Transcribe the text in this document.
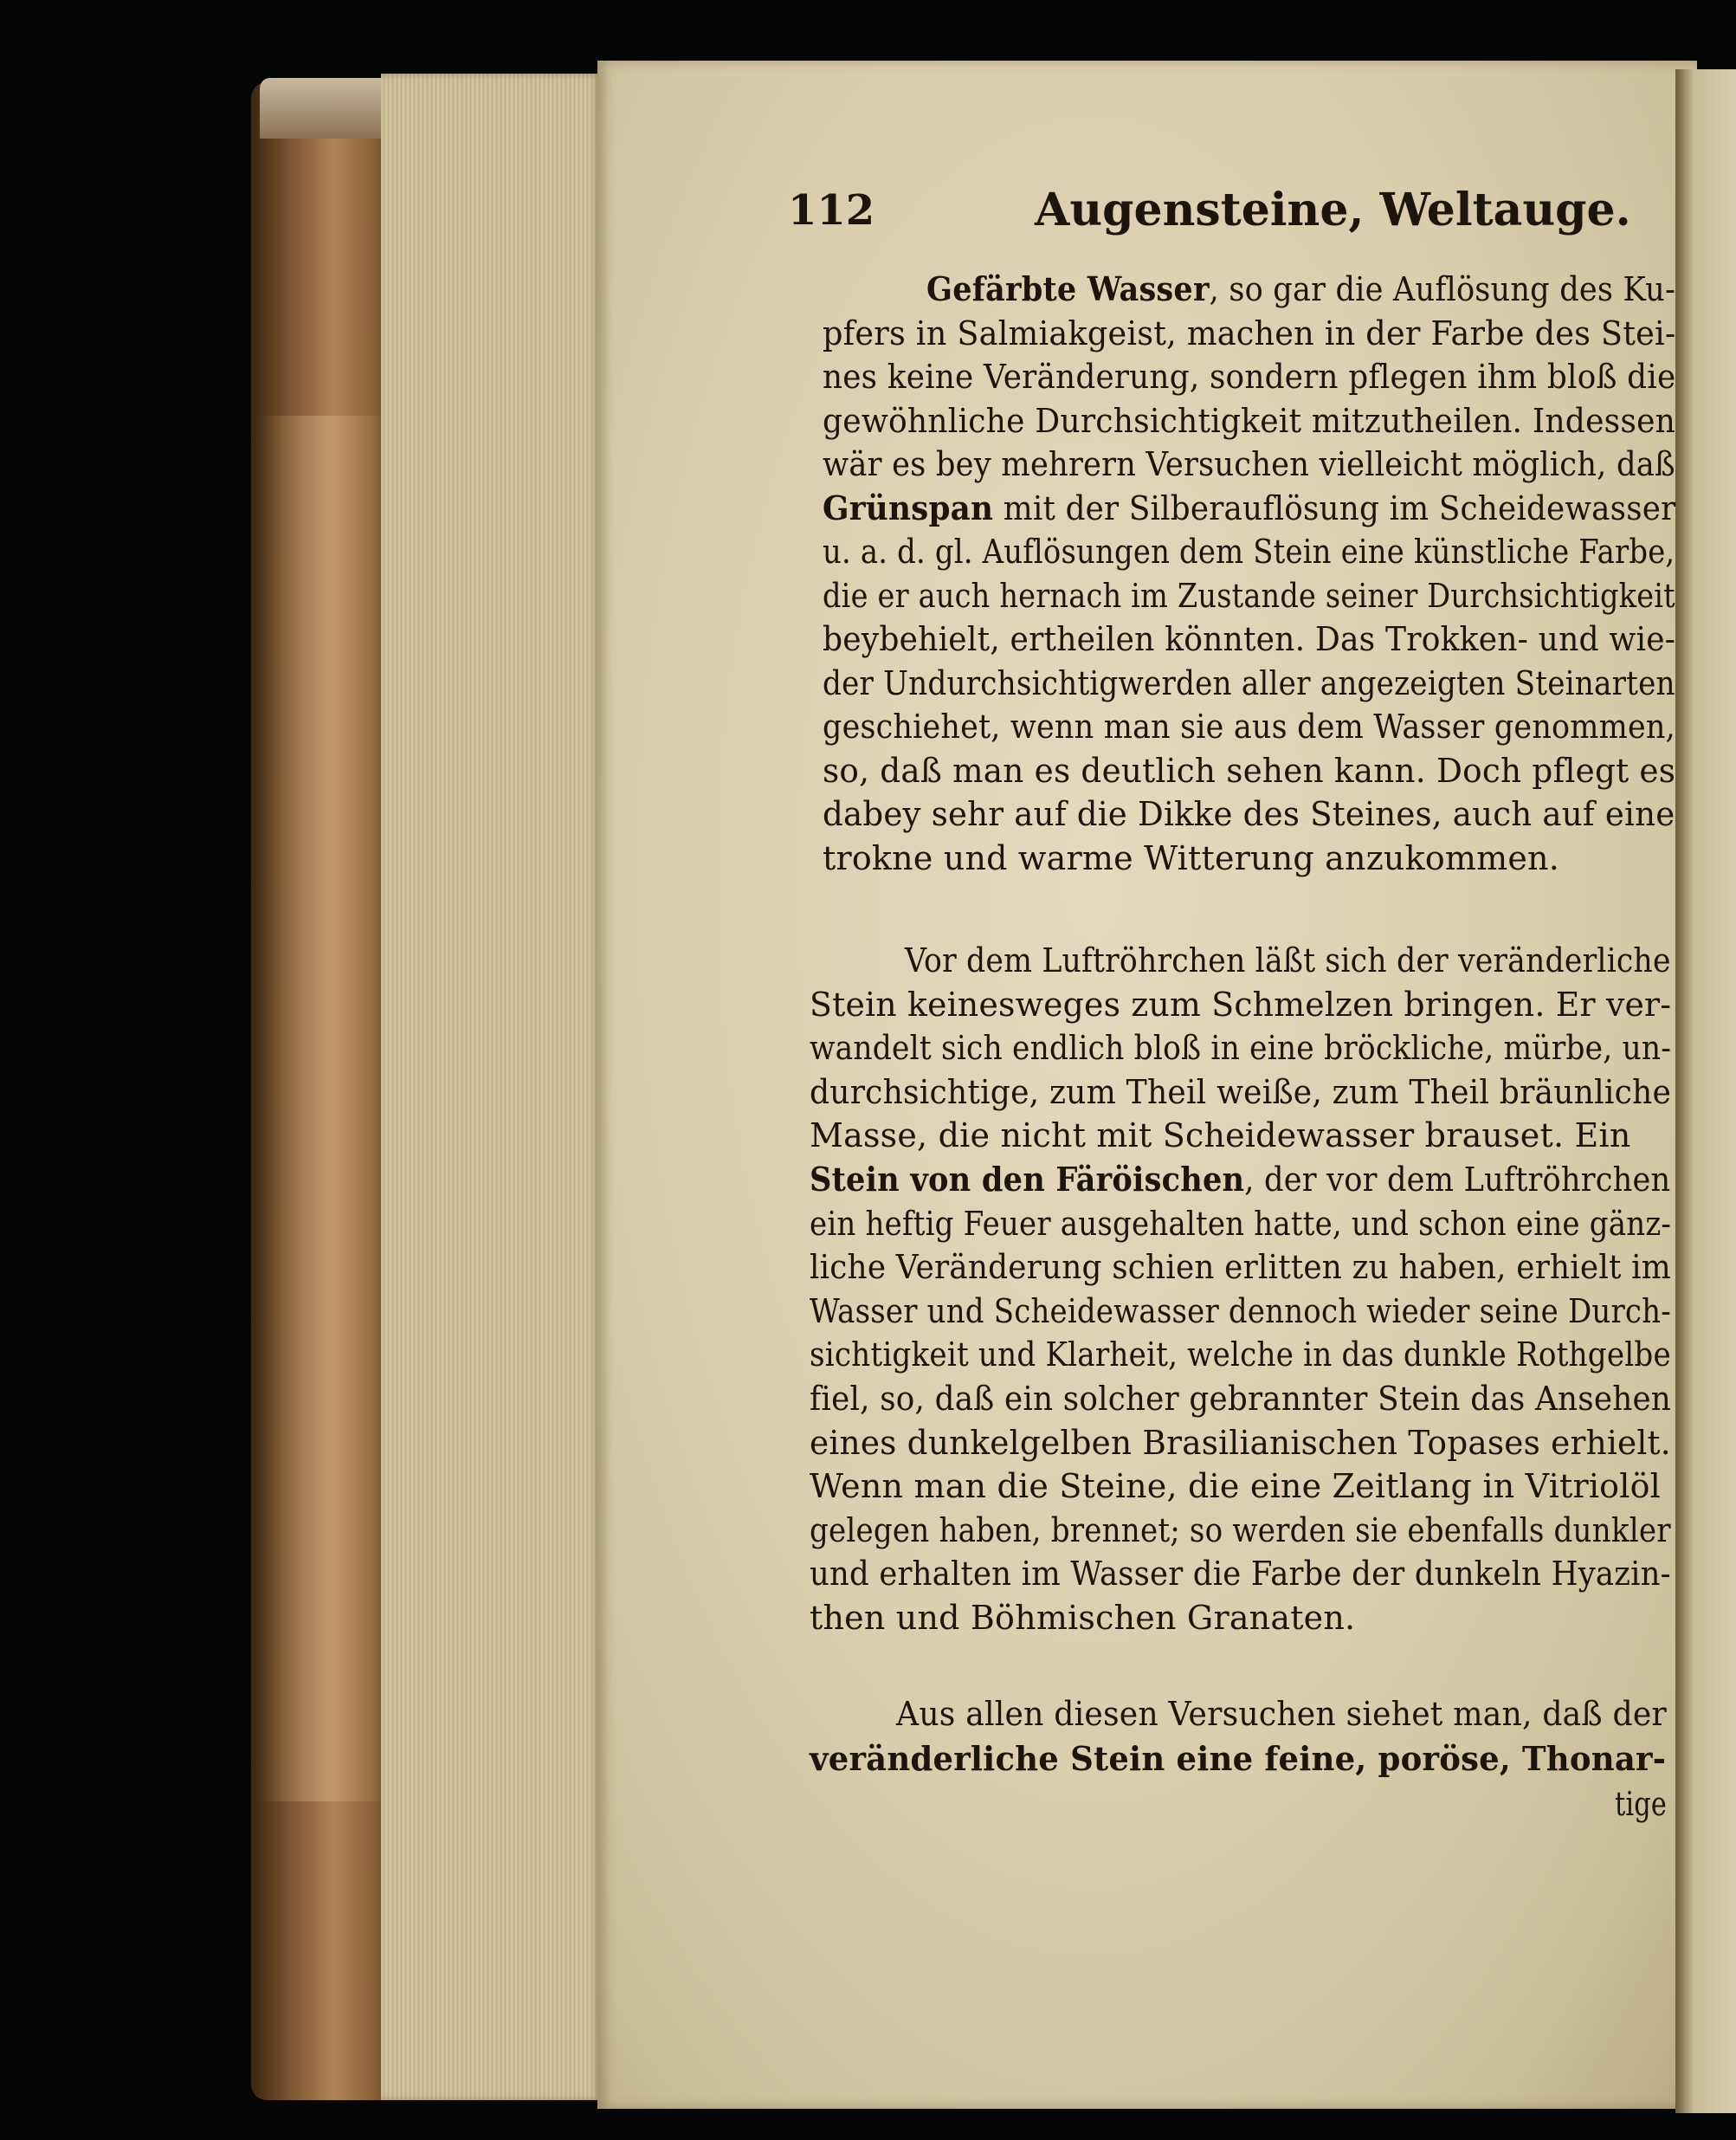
112	Augensteine, Weltauge.
Gefärbte Wasser, so gar die Auflösung des Ku-
pfers in Salmiakgeist, machen in der Farbe des Stei-
nes keine Veränderung, sondern pflegen ihm bloß die
gewöhnliche Durchsichtigkeit mitzutheilen. Indessen
wär es bey mehrern Versuchen vielleicht möglich, daß
Grünspan mit der Silberauflösung im Scheidewasser
u. a. d. gl. Auflösungen dem Stein eine künstliche Farbe,
die er auch hernach im Zustande seiner Durchsichtigkeit
beybehielt, ertheilen könnten. Das Trokken- und wie-
der Undurchsichtigwerden aller angezeigten Steinarten
geschiehet, wenn man sie aus dem Wasser genommen,
so, daß man es deutlich sehen kann. Doch pflegt es
dabey sehr auf die Dikke des Steines, auch auf eine
trokne und warme Witterung anzukommen.
Vor dem Luftröhrchen läßt sich der veränderliche
Stein keinesweges zum Schmelzen bringen. Er ver-
wandelt sich endlich bloß in eine bröckliche, mürbe, un-
durchsichtige, zum Theil weiße, zum Theil bräunliche
Masse, die nicht mit Scheidewasser brauset. Ein
Stein von den Färöischen, der vor dem Luftröhrchen
ein heftig Feuer ausgehalten hatte, und schon eine gänz-
liche Veränderung schien erlitten zu haben, erhielt im
Wasser und Scheidewasser dennoch wieder seine Durch-
sichtigkeit und Klarheit, welche in das dunkle Rothgelbe
fiel, so, daß ein solcher gebrannter Stein das Ansehen
eines dunkelgelben Brasilianischen Topases erhielt.
Wenn man die Steine, die eine Zeitlang in Vitriolöl
gelegen haben, brennet; so werden sie ebenfalls dunkler
und erhalten im Wasser die Farbe der dunkeln Hyazin-
then und Böhmischen Granaten.
Aus allen diesen Versuchen siehet man, daß der
veränderliche Stein eine feine, poröse, Thonar-
tige
